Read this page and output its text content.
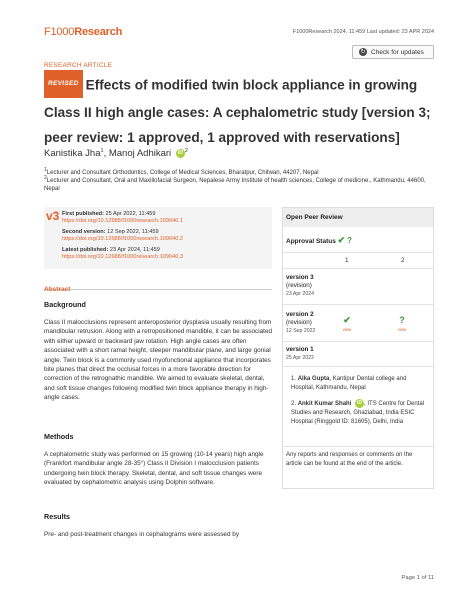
F1000Research	F1000Research 2024, 11:459 Last updated: 23 APR 2024
↻ Check for updates
RESEARCH ARTICLE
REVISED Effects of modified twin block appliance in growing Class II high angle cases: A cephalometric study [version 3; peer review: 1 approved, 1 approved with reservations]
Kanistika Jha$^1$, Manoj Adhikari iD $^2$
$^1$Lecturer and Consultant Orthodontics, College of Medical Sciences, Bharatpur, Chitwan, 44207, Nepal
$^2$Lecturer and Consultant, Oral and Maxillofacial Surgeon, Nepalese Army Institute of health sciences, College of medicine., Kathmandu, 44600, Nepal
v3 First published: 25 Apr 2022, 11:459
https://doi.org/10.12688/f1000research.109040.1
Second version: 12 Sep 2022, 11:459
https://doi.org/10.12688/f1000research.109040.2
Latest published: 23 Apr 2024, 11:459
https://doi.org/10.12688/f1000research.109040.3
Abstract
Background
Class II malocclusions represent anteroposterior dysplasia usually resulting from mandibular retrusion. Along with a retropositioned mandible, it can be associated with either upward or backward jaw rotation. High angle cases are often associated with a short ramal height, steeper mandibular plane, and large gonial angle. Twin block is a commonly used myofunctional appliance that incorporates bite planes that direct the occlusal forces in a more favorable direction for correction of the retrognathic mandible. We aimed to evaluate skeletal, dental, and soft tissue changes following modified twin block appliance therapy in high-angle cases.
Methods
A cephalometric study was performed on 15 growing (10-14 years) high angle (Frankfort mandibular angle 28-35°) Class II Division I malocclusion patients undergoing twin block therapy. Skeletal, dental, and soft tissue changes were evaluated by cephalometric analysis using Dolphin software.
Results
Pre- and post-treatment changes in cephalograms were assessed by
Open Peer Review
Approval Status ✔ ?
1	2
version 3
(revision)
23 Apr 2024
version 2
(revision)
12 Sep 2022
✔
view
?
view
version 1
25 Apr 2022
1. Alka Gupta, Kantipur Dental college and Hospital, Kathmandu, Nepal
2. Ankit Kumar Shahi iD , ITS Centre for Dental Studies and Research, Ghaziabad, India ESIC Hospital (Ringgold ID: 81605), Delhi, India
Any reports and responses or comments on the article can be found at the end of the article.
Page 1 of 11
